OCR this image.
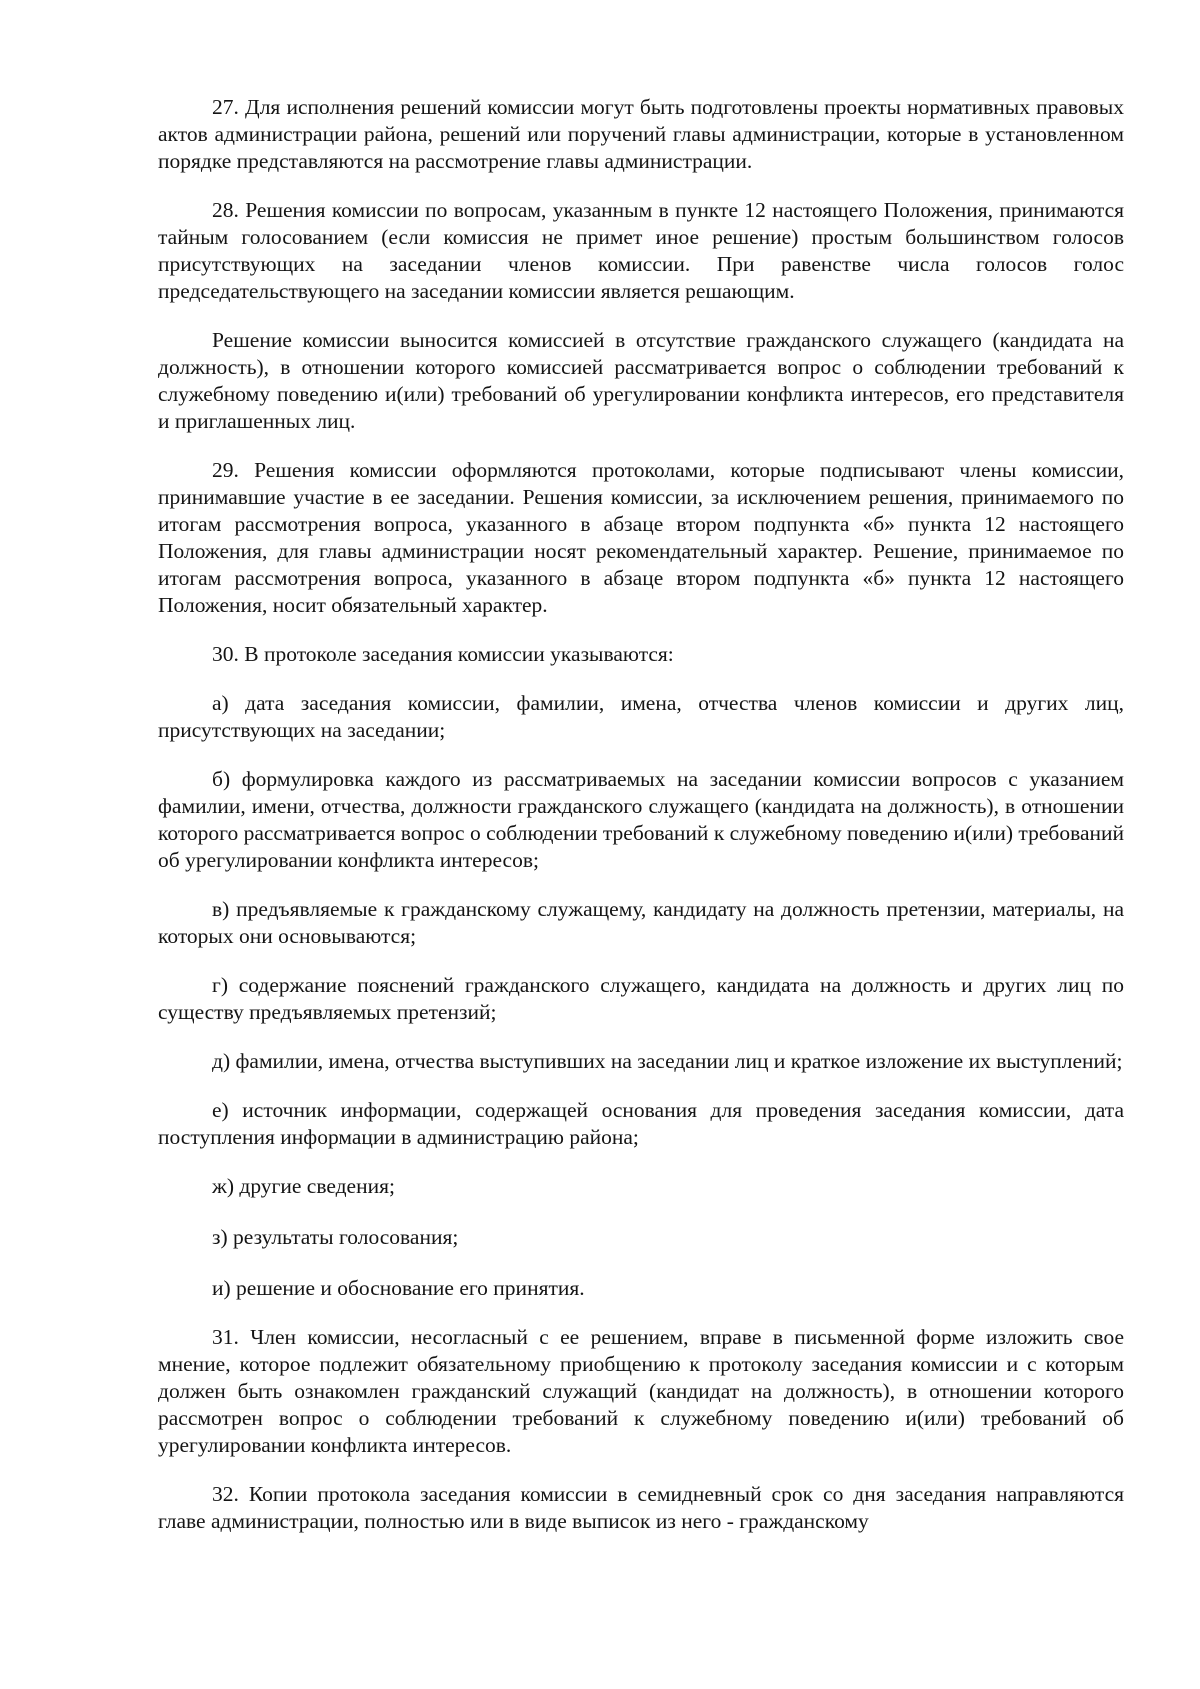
27. Для исполнения решений комиссии могут быть подготовлены проекты нормативных правовых актов администрации района, решений или поручений главы администрации, которые в установленном порядке представляются на рассмотрение главы администрации.

28. Решения комиссии по вопросам, указанным в пункте 12 настоящего Положения, принимаются тайным голосованием (если комиссия не примет иное решение) простым большинством голосов присутствующих на заседании членов комиссии. При равенстве числа голосов голос председательствующего на заседании комиссии является решающим.

Решение комиссии выносится комиссией в отсутствие гражданского служащего (кандидата на должность), в отношении которого комиссией рассматривается вопрос о соблюдении требований к служебному поведению и(или) требований об урегулировании конфликта интересов, его представителя и приглашенных лиц.

29. Решения комиссии оформляются протоколами, которые подписывают члены комиссии, принимавшие участие в ее заседании. Решения комиссии, за исключением решения, принимаемого по итогам рассмотрения вопроса, указанного в абзаце втором подпункта «б» пункта 12 настоящего Положения, для главы администрации носят рекомендательный характер. Решение, принимаемое по итогам рассмотрения вопроса, указанного в абзаце втором подпункта «б» пункта 12 настоящего Положения, носит обязательный характер.

30. В протоколе заседания комиссии указываются:

а) дата заседания комиссии, фамилии, имена, отчества членов комиссии и других лиц, присутствующих на заседании;

б) формулировка каждого из рассматриваемых на заседании комиссии вопросов с указанием фамилии, имени, отчества, должности гражданского служащего (кандидата на должность), в отношении которого рассматривается вопрос о соблюдении требований к служебному поведению и(или) требований об урегулировании конфликта интересов;

в) предъявляемые к гражданскому служащему, кандидату на должность претензии, материалы, на которых они основываются;

г) содержание пояснений гражданского служащего, кандидата на должность и других лиц по существу предъявляемых претензий;

д) фамилии, имена, отчества выступивших на заседании лиц и краткое изложение их выступлений;

е) источник информации, содержащей основания для проведения заседания комиссии, дата поступления информации в администрацию района;

ж) другие сведения;

з) результаты голосования;

и) решение и обоснование его принятия.

31. Член комиссии, несогласный с ее решением, вправе в письменной форме изложить свое мнение, которое подлежит обязательному приобщению к протоколу заседания комиссии и с которым должен быть ознакомлен гражданский служащий (кандидат на должность), в отношении которого рассмотрен вопрос о соблюдении требований к служебному поведению и(или) требований об урегулировании конфликта интересов.

32. Копии протокола заседания комиссии в семидневный срок со дня заседания направляются главе администрации, полностью или в виде выписок из него - гражданскому
